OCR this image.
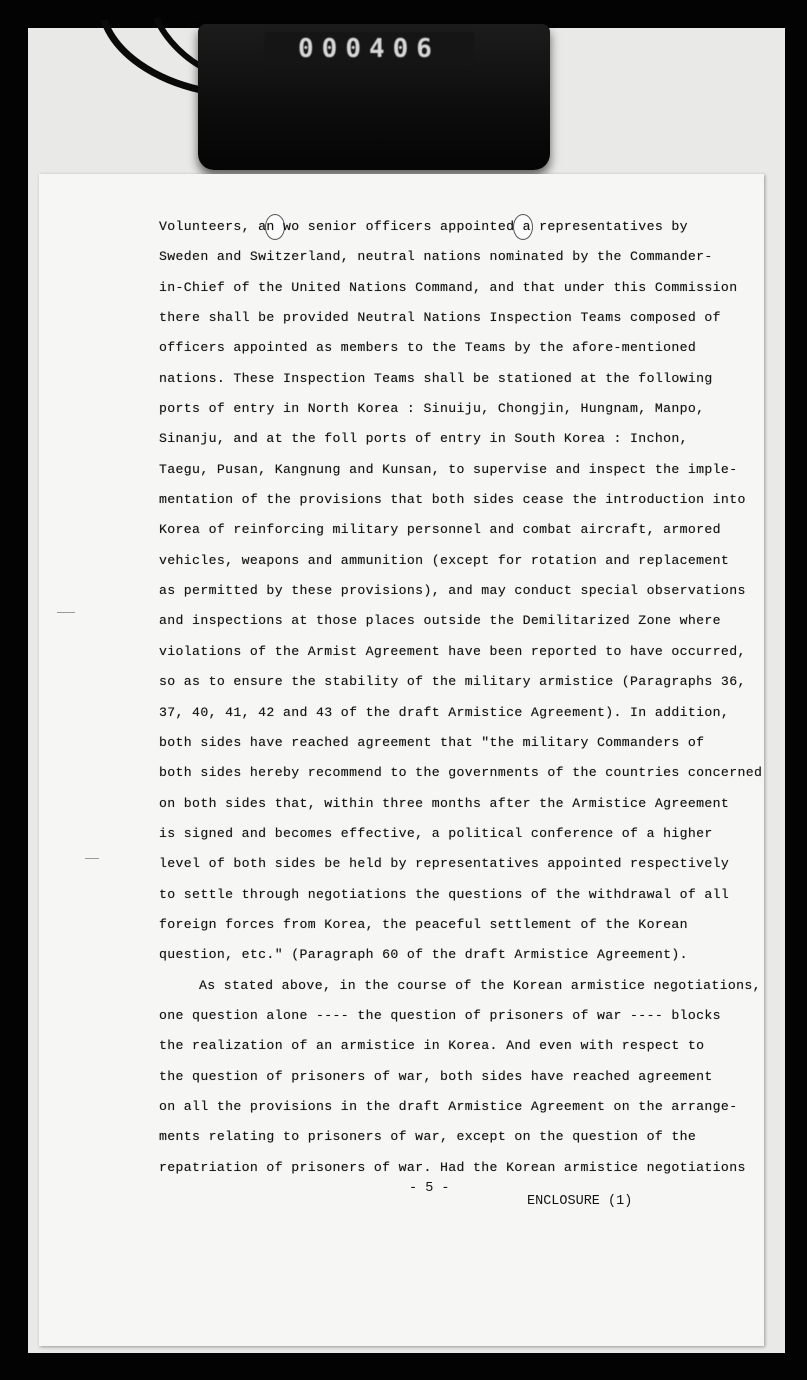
000406
Volunteers, an wo senior officers appointed a representatives by
Sweden and Switzerland, neutral nations nominated by the Commander-
in-Chief of the United Nations Command, and that under this Commission
there shall be provided Neutral Nations Inspection Teams composed of
officers appointed as members to the Teams by the afore-mentioned
nations. These Inspection Teams shall be stationed at the following
ports of entry in North Korea : Sinuiju, Chongjin, Hungnam, Manpo,
Sinanju, and at the foll ports of entry in South Korea : Inchon,
Taegu, Pusan, Kangnung and Kunsan, to supervise and inspect the imple-
mentation of the provisions that both sides cease the introduction into
Korea of reinforcing military personnel and combat aircraft, armored
vehicles, weapons and ammunition (except for rotation and replacement
as permitted by these provisions), and may conduct special observations
and inspections at those places outside the Demilitarized Zone where
violations of the Armist Agreement have been reported to have occurred,
so as to ensure the stability of the military armistice (Paragraphs 36,
37, 40, 41, 42 and 43 of the draft Armistice Agreement). In addition,
both sides have reached agreement that "the military Commanders of
both sides hereby recommend to the governments of the countries concerned
on both sides that, within three months after the Armistice Agreement
is signed and becomes effective, a political conference of a higher
level of both sides be held by representatives appointed respectively
to settle through negotiations the questions of the withdrawal of all
foreign forces from Korea, the peaceful settlement of the Korean
question, etc." (Paragraph 60 of the draft Armistice Agreement).
As stated above, in the course of the Korean armistice negotiations,
one question alone ---- the question of prisoners of war ---- blocks
the realization of an armistice in Korea. And even with respect to
the question of prisoners of war, both sides have reached agreement
on all the provisions in the draft Armistice Agreement on the arrange-
ments relating to prisoners of war, except on the question of the
repatriation of prisoners of war. Had the Korean armistice negotiations
- 5 -
ENCLOSURE (1)
